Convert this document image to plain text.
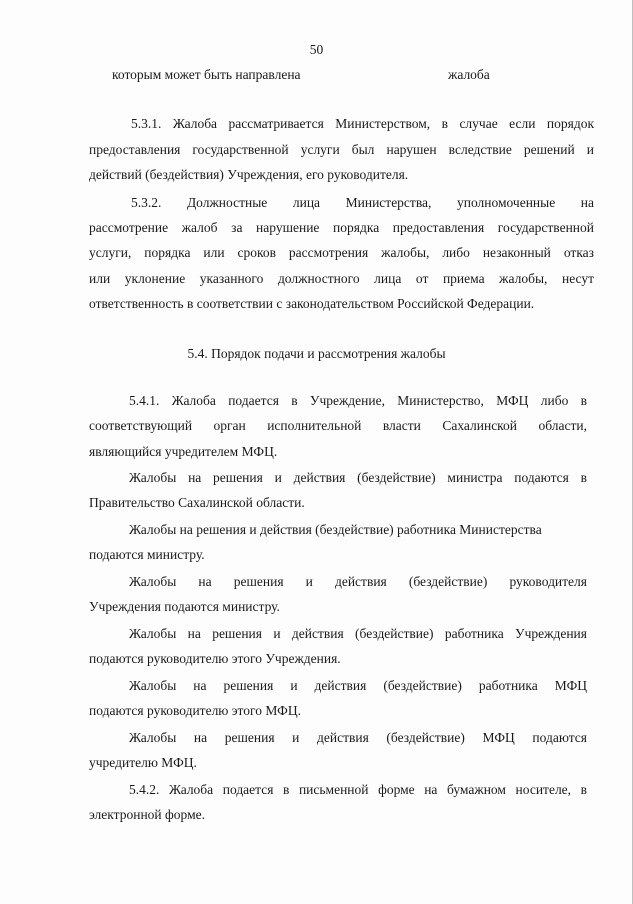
50
которым может быть направлена	жалоба
5.3.1. Жалоба рассматривается Министерством, в случае если порядок
предоставления государственной услуги был нарушен вследствие решений и
действий (бездействия) Учреждения, его руководителя.
5.3.2. Должностные лица Министерства, уполномоченные на
рассмотрение жалоб за нарушение порядка предоставления государственной
услуги, порядка или сроков рассмотрения жалобы, либо незаконный отказ
или уклонение указанного должностного лица от приема жалобы, несут
ответственность в соответствии с законодательством Российской Федерации.
5.4. Порядок подачи и рассмотрения жалобы
5.4.1. Жалоба подается в Учреждение, Министерство, МФЦ либо в
соответствующий орган исполнительной власти Сахалинской области,
являющийся учредителем МФЦ.
Жалобы на решения и действия (бездействие) министра подаются в
Правительство Сахалинской области.
Жалобы на решения и действия (бездействие) работника Министерства
подаются министру.
Жалобы на решения и действия (бездействие) руководителя
Учреждения подаются министру.
Жалобы на решения и действия (бездействие) работника Учреждения
подаются руководителю этого Учреждения.
Жалобы на решения и действия (бездействие) работника МФЦ
подаются руководителю этого МФЦ.
Жалобы на решения и действия (бездействие) МФЦ подаются
учредителю МФЦ.
5.4.2. Жалоба подается в письменной форме на бумажном носителе, в
электронной форме.
